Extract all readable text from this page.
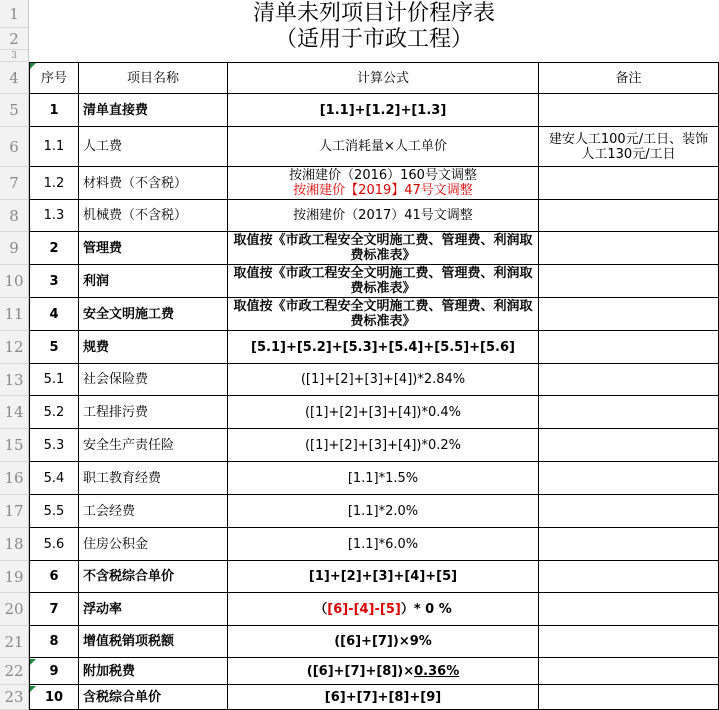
1
2
3
4
5
6
7
8
9
10
11
12
13
14
15
16
17
18
19
20
21
22
23
清单未列项目计价程序表
（适用于市政工程）
序号	项目名称	计算公式	备注
1	清单直接费	[1.1]+[1.2]+[1.3]
1.1	人工费	人工消耗量×人工单价	建安人工100元/工日、装饰人工130元/工日
1.2	材料费（不含税）	按湘建价（2016）160号文调整
按湘建价【2019】47号文调整
1.3	机械费（不含税）	按湘建价（2017）41号文调整
2	管理费	取值按《市政工程安全文明施工费、管理费、利润取费标准表》
3	利润	取值按《市政工程安全文明施工费、管理费、利润取费标准表》
4	安全文明施工费	取值按《市政工程安全文明施工费、管理费、利润取费标准表》
5	规费	[5.1]+[5.2]+[5.3]+[5.4]+[5.5]+[5.6]
5.1	社会保险费	([1]+[2]+[3]+[4])*2.84%
5.2	工程排污费	([1]+[2]+[3]+[4])*0.4%
5.3	安全生产责任险	([1]+[2]+[3]+[4])*0.2%
5.4	职工教育经费	[1.1]*1.5%
5.5	工会经费	[1.1]*2.0%
5.6	住房公积金	[1.1]*6.0%
6	不含税综合单价	[1]+[2]+[3]+[4]+[5]
7	浮动率	（ [6]-[4]-[5] ）* 0 %
8	增值税销项税额	([6]+[7])×9%
9	附加税费	([6]+[7]+[8])× 0.36%
10	含税综合单价	[6]+[7]+[8]+[9]
